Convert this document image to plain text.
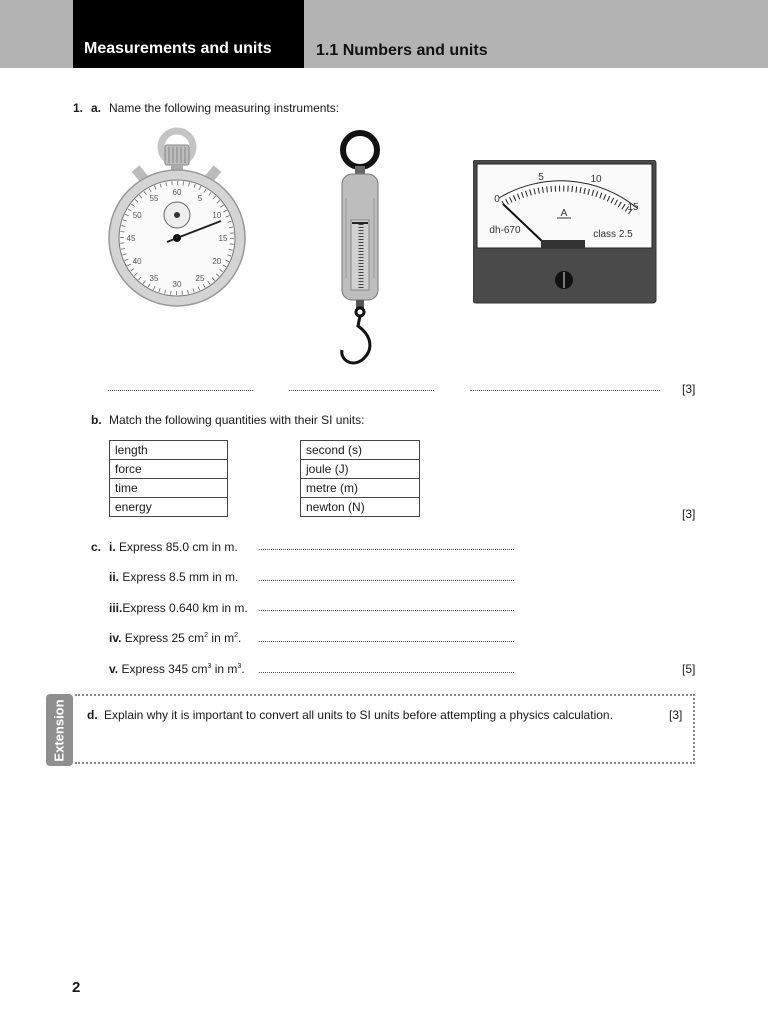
Measurements and units	1.1 Numbers and units
1. a. Name the following measuring instruments:
60
5
10
15
20
25
30
35
40
45
50
55	0
5	10
15
A
dh-670	class 2.5
[3]
b. Match the following quantities with their SI units:
length
force
time
energy
second (s)
joule (J)
metre (m)
newton (N)	[3]
c. i. Express 85.0 cm in m.
ii. Express 8.5 mm in m.
iii.Express 0.640 km in m.
iv. Express 25 $cm^2$ in $m^2$.
v. Express 345 $cm^3$ in $m^3$.	[5]
Extension d. Explain why it is important to convert all units to SI units before attempting a physics calculation.	[3]
2
